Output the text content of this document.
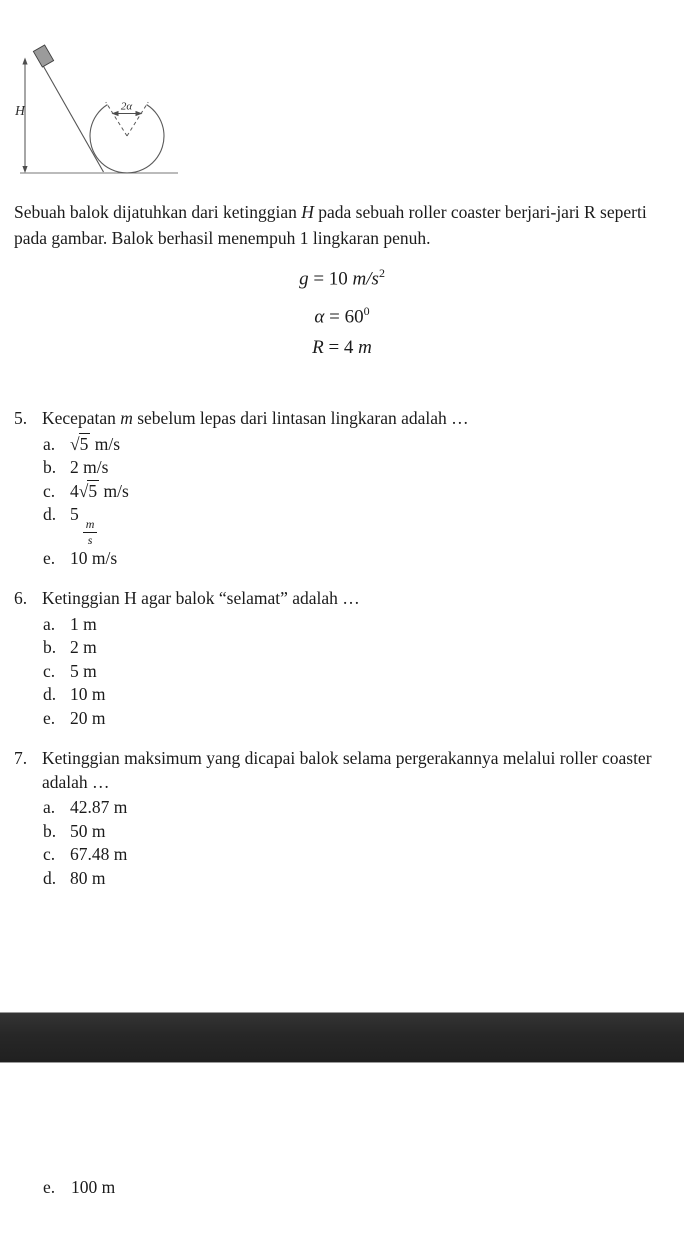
H	2α

Sebuah balok dijatuhkan dari ketinggian H pada sebuah roller coaster berjari-jari R seperti pada gambar. Balok berhasil menempuh 1 lingkaran penuh.

g = 10 $m/s^2$
$\alpha = 60^0$
R = 4 m
5. Kecepatan m sebelum lepas dari lintasan lingkaran adalah …
a. √5 m/s
b. 2 m/s
c. 4√5 m/s
d. 5
$\frac{m}{s}$
e. 10 m/s
6. Ketinggian H agar balok “selamat” adalah …
a. 1 m
b. 2 m
c. 5 m
d. 10 m
e. 20 m
7. Ketinggian maksimum yang dicapai balok selama pergerakannya melalui roller coaster adalah …
a. 42.87 m
b. 50 m
c. 67.48 m
d. 80 m
e. 100 m
